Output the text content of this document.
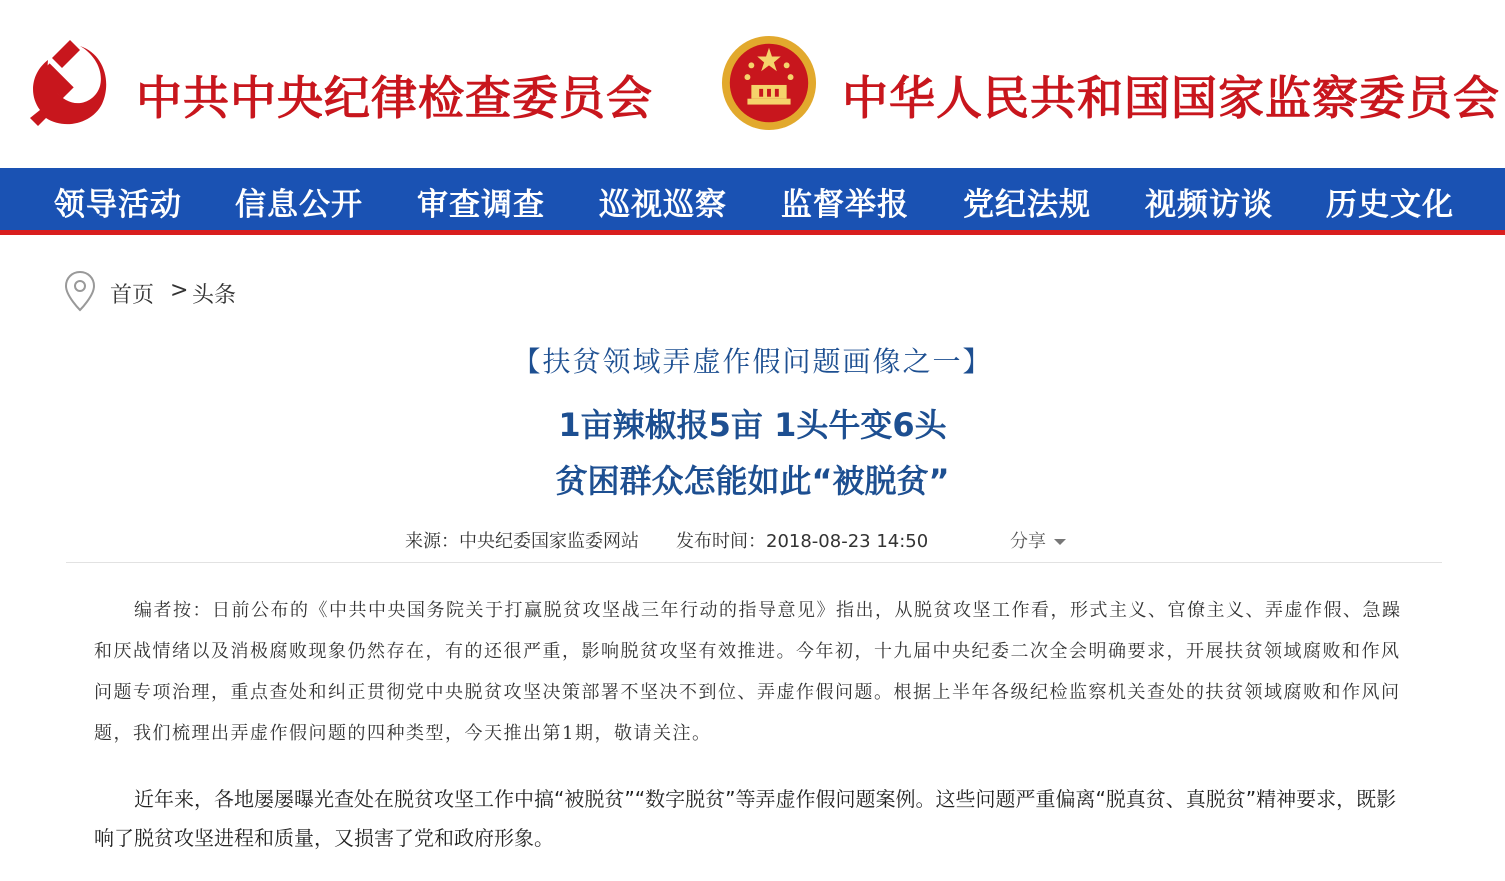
中共中央纪律检查委员会	中华人民共和国国家监察委员会
领导活动 信息公开 审查调查 巡视巡察 监督举报 党纪法规 视频访谈 历史文化
首页 > 头条
【扶贫领域弄虚作假问题画像之一】
1亩辣椒报5亩 1头牛变6头
贫困群众怎能如此“被脱贫”
来源：中央纪委国家监委网站 发布时间：2018-08-23 14:50	分享
编者按：日前公布的《中共中央国务院关于打赢脱贫攻坚战三年行动的指导意见》指出，从脱贫攻坚工作看，形式主义、官僚主义、弄虚作假、急躁和厌战情绪以及消极腐败现象仍然存在，有的还很严重，影响脱贫攻坚有效推进。今年初，十九届中央纪委二次全会明确要求，开展扶贫领域腐败和作风问题专项治理，重点查处和纠正贯彻党中央脱贫攻坚决策部署不坚决不到位、弄虚作假问题。根据上半年各级纪检监察机关查处的扶贫领域腐败和作风问题，我们梳理出弄虚作假问题的四种类型，今天推出第1期，敬请关注。
近年来，各地屡屡曝光查处在脱贫攻坚工作中搞“被脱贫”“数字脱贫”等弄虚作假问题案例。这些问题严重偏离“脱真贫、真脱贫”精神要求，既影响了脱贫攻坚进程和质量，又损害了党和政府形象。
